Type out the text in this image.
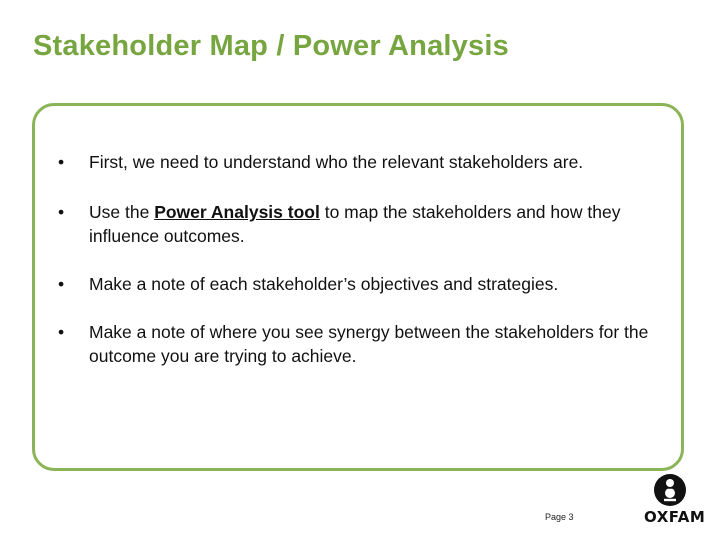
Stakeholder Map / Power Analysis
• First, we need to understand who the relevant stakeholders are.
• Use the Power Analysis tool to map the stakeholders and how they influence outcomes.
• Make a note of each stakeholder’s objectives and strategies.
• Make a note of where you see synergy between the stakeholders for the outcome you are trying to achieve.
Page 3	OXFAM
